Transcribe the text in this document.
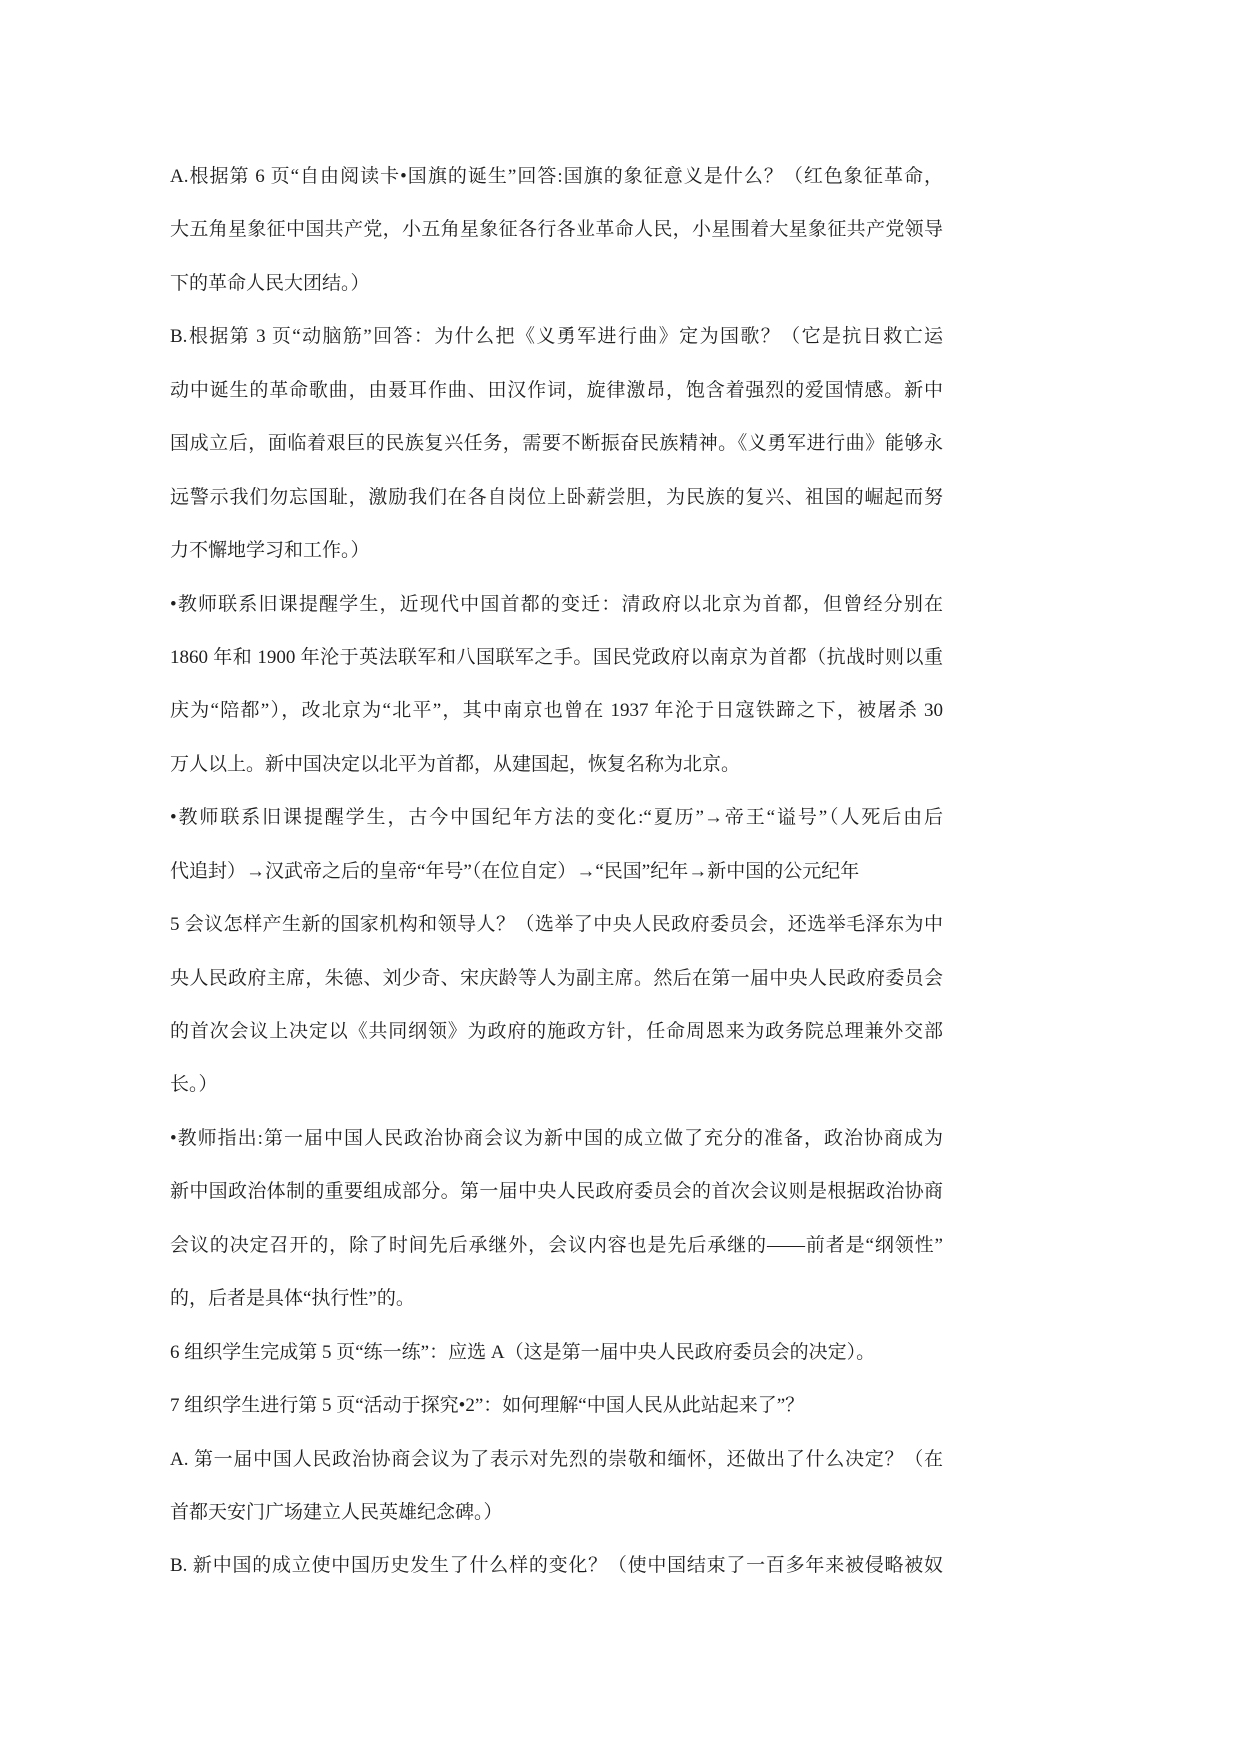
A.根据第 6 页“自由阅读卡•国旗的诞生”回答:国旗的象征意义是什么？（红色象征革命，
大五角星象征中国共产党，小五角星象征各行各业革命人民，小星围着大星象征共产党领导
下的革命人民大团结。）
B.根据第 3 页“动脑筋”回答：为什么把《义勇军进行曲》定为国歌？（它是抗日救亡运
动中诞生的革命歌曲，由聂耳作曲、田汉作词，旋律激昂，饱含着强烈的爱国情感。新中
国成立后，面临着艰巨的民族复兴任务，需要不断振奋民族精神。《义勇军进行曲》能够永
远警示我们勿忘国耻，激励我们在各自岗位上卧薪尝胆，为民族的复兴、祖国的崛起而努
力不懈地学习和工作。）
•教师联系旧课提醒学生，近现代中国首都的变迁：清政府以北京为首都，但曾经分别在
1860 年和 1900 年沦于英法联军和八国联军之手。国民党政府以南京为首都（抗战时则以重
庆为“陪都”），改北京为“北平”，其中南京也曾在 1937 年沦于日寇铁蹄之下，被屠杀 30
万人以上。新中国决定以北平为首都，从建国起，恢复名称为北京。
•教师联系旧课提醒学生，古今中国纪年方法的变化:“夏历”→帝王“谥号”（人死后由后
代追封）→汉武帝之后的皇帝“年号”（在位自定）→“民国”纪年→新中国的公元纪年
5 会议怎样产生新的国家机构和领导人？（选举了中央人民政府委员会，还选举毛泽东为中
央人民政府主席，朱德、刘少奇、宋庆龄等人为副主席。然后在第一届中央人民政府委员会
的首次会议上决定以《共同纲领》为政府的施政方针，任命周恩来为政务院总理兼外交部
长。）
•教师指出:第一届中国人民政治协商会议为新中国的成立做了充分的准备，政治协商成为
新中国政治体制的重要组成部分。第一届中央人民政府委员会的首次会议则是根据政治协商
会议的决定召开的，除了时间先后承继外，会议内容也是先后承继的——前者是“纲领性”
的，后者是具体“执行性”的。
6 组织学生完成第 5 页“练一练”：应选 A（这是第一届中央人民政府委员会的决定）。
7 组织学生进行第 5 页“活动于探究•2”：如何理解“中国人民从此站起来了”？
A. 第一届中国人民政治协商会议为了表示对先烈的崇敬和缅怀，还做出了什么决定？（在
首都天安门广场建立人民英雄纪念碑。）
B. 新中国的成立使中国历史发生了什么样的变化？（使中国结束了一百多年来被侵略被奴
